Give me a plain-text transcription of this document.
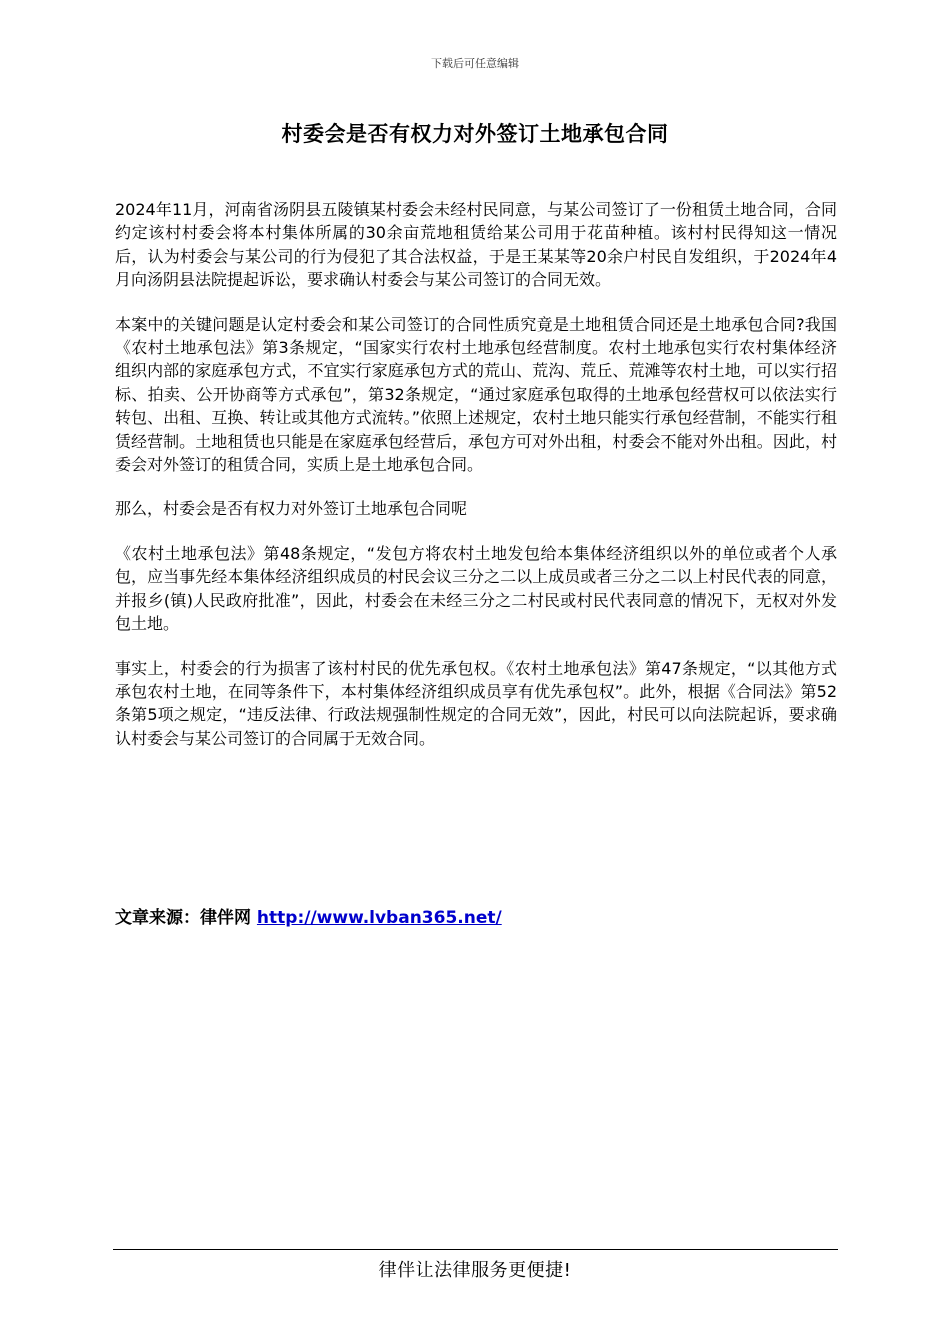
下载后可任意编辑
村委会是否有权力对外签订土地承包合同

2024年11月，河南省汤阴县五陵镇某村委会未经村民同意，与某公司签订了一份租赁土地合同，合同约定该村村委会将本村集体所属的30余亩荒地租赁给某公司用于花苗种植。该村村民得知这一情况后，认为村委会与某公司的行为侵犯了其合法权益，于是王某某等20余户村民自发组织，于2024年4月向汤阴县法院提起诉讼，要求确认村委会与某公司签订的合同无效。

本案中的关键问题是认定村委会和某公司签订的合同性质究竟是土地租赁合同还是土地承包合同?我国《农村土地承包法》第3条规定，“国家实行农村土地承包经营制度。农村土地承包实行农村集体经济组织内部的家庭承包方式，不宜实行家庭承包方式的荒山、荒沟、荒丘、荒滩等农村土地，可以实行招标、拍卖、公开协商等方式承包”，第32条规定，“通过家庭承包取得的土地承包经营权可以依法实行转包、出租、互换、转让或其他方式流转。”依照上述规定，农村土地只能实行承包经营制，不能实行租赁经营制。土地租赁也只能是在家庭承包经营后，承包方可对外出租，村委会不能对外出租。因此，村委会对外签订的租赁合同，实质上是土地承包合同。

那么，村委会是否有权力对外签订土地承包合同呢

《农村土地承包法》第48条规定，“发包方将农村土地发包给本集体经济组织以外的单位或者个人承包，应当事先经本集体经济组织成员的村民会议三分之二以上成员或者三分之二以上村民代表的同意，并报乡(镇)人民政府批准”，因此，村委会在未经三分之二村民或村民代表同意的情况下，无权对外发包土地。

事实上，村委会的行为损害了该村村民的优先承包权。《农村土地承包法》第47条规定，“以其他方式承包农村土地，在同等条件下，本村集体经济组织成员享有优先承包权”。此外，根据《合同法》第52条第5项之规定，“违反法律、行政法规强制性规定的合同无效”，因此，村民可以向法院起诉，要求确认村委会与某公司签订的合同属于无效合同。

文章来源：律伴网 http://www.lvban365.net/
律伴让法律服务更便捷!
